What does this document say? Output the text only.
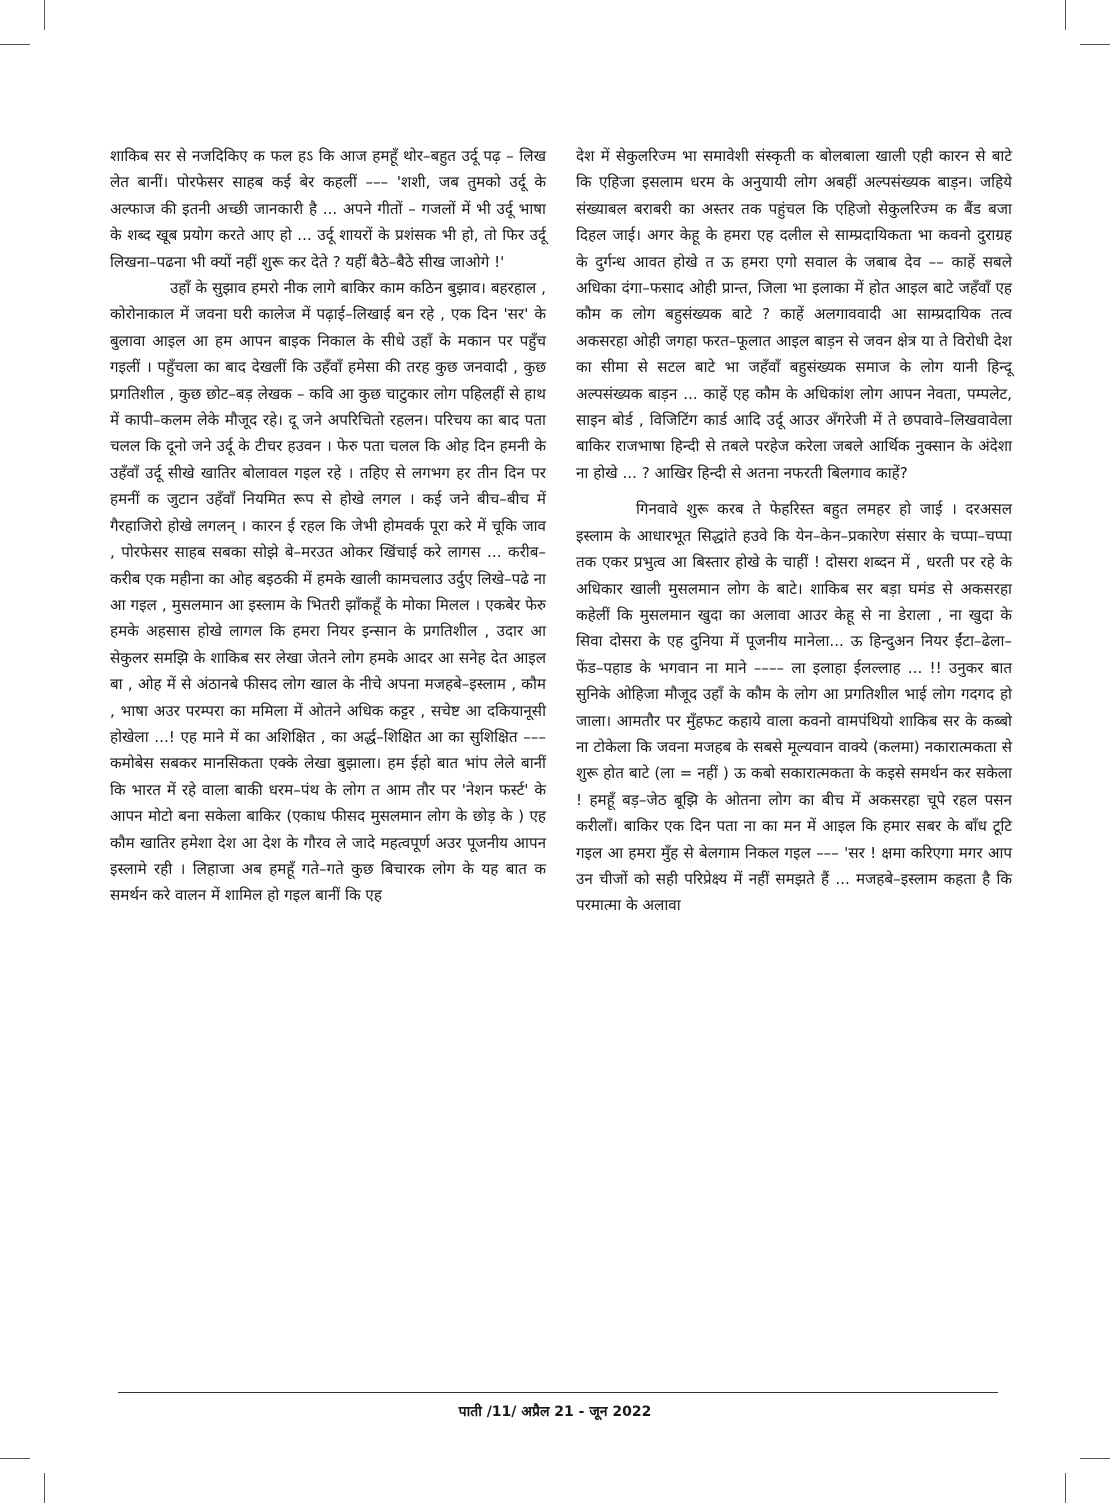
शाकिब सर से नजदिकिए क फल हऽ कि आज हमहूँ थोर–बहुत उर्दू पढ़ – लिख लेत बानीं। पोरफेसर साहब कई बेर कहलीं ––– 'शशी, जब तुमको उर्दू के अल्फाज की इतनी अच्छी जानकारी है ... अपने गीतों – गजलों में भी उर्दू भाषा के शब्द खूब प्रयोग करते आए हो ... उर्दू शायरों के प्रशंसक भी हो, तो फिर उर्दू लिखना–पढना भी क्यों नहीं शुरू कर देते ? यहीं बैठे–बैठे सीख जाओगे !'

उहाँ के सुझाव हमरो नीक लागे बाकिर काम कठिन बुझाव। बहरहाल , कोरोनाकाल में जवना घरी कालेज में पढ़ाई–लिखाई बन रहे , एक दिन 'सर' के बुलावा आइल आ हम आपन बाइक निकाल के सीधे उहाँ के मकान पर पहुँच गइलीं । पहुँचला का बाद देखलीं कि उहँवाँ हमेसा की तरह कुछ जनवादी , कुछ प्रगतिशील , कुछ छोट–बड़ लेखक – कवि आ कुछ चाटुकार लोग पहिलहीं से हाथ में कापी–कलम लेके मौजूद रहे। दू जने अपरिचितो रहलन। परिचय का बाद पता चलल कि दूनो जने उर्दू के टीचर हउवन । फेरु पता चलल कि ओह दिन हमनी के उहँवाँ उर्दू सीखे खातिर बोलावल गइल रहे । तहिए से लगभग हर तीन दिन पर हमनीं क जुटान उहँवाँ नियमित रूप से होखे लगल । कई जने बीच–बीच में गैरहाजिरो होखे लगलन् । कारन ई रहल कि जेभी होमवर्क पूरा करे में चूकि जाव , पोरफेसर साहब सबका सोझे बे–मरउत ओकर खिंचाई करे लागस ... करीब–करीब एक महीना का ओह बइठकी में हमके खाली कामचलाउ उर्दुए लिखे–पढे ना आ गइल , मुसलमान आ इस्लाम के भितरी झाँकहूँ के मोका मिलल । एकबेर फेरु हमके अहसास होखे लागल कि हमरा नियर इन्सान के प्रगतिशील , उदार आ सेकुलर समझि के शाकिब सर लेखा जेतने लोग हमके आदर आ सनेह देत आइल बा , ओह में से अंठानबे फीसद लोग खाल के नीचे अपना मजहबे–इस्लाम , कौम , भाषा अउर परम्परा का ममिला में ओतने अधिक कट्टर , सचेष्ट आ दकियानूसी होखेला ...! एह माने में का अशिक्षित , का अर्द्ध–शिक्षित आ का सुशिक्षित ––– कमोबेस सबकर मानसिकता एक्के लेखा बुझाला। हम ईहो बात भांप लेले बानीं कि भारत में रहे वाला बाकी धरम–पंथ के लोग त आम तौर पर 'नेशन फर्स्ट' के आपन मोटो बना सकेला बाकिर (एकाध फीसद मुसलमान लोग के छोड़ के ) एह कौम खातिर हमेशा देश आ देश के गौरव ले जादे महत्वपूर्ण अउर पूजनीय आपन इस्लामे रही । लिहाजा अब हमहूँ गते–गते कुछ बिचारक लोग के यह बात क समर्थन करे वालन में शामिल हो गइल बानीं कि एह

देश में सेकुलरिज्म भा समावेशी संस्कृती क बोलबाला खाली एही कारन से बाटे कि एहिजा इसलाम धरम के अनुयायी लोग अबहीं अल्पसंख्यक बाड़न। जहिये संख्याबल बराबरी का अस्तर तक पहुंचल कि एहिजो सेकुलरिज्म क बैंड बजा दिहल जाई। अगर केहू के हमरा एह दलील से साम्प्रदायिकता भा कवनो दुराग्रह के दुर्गन्ध आवत होखे त ऊ हमरा एगो सवाल के जबाब देव –– काहें सबले अधिका दंगा–फसाद ओही प्रान्त, जिला भा इलाका में होत आइल बाटे जहँवाँ एह कौम क लोग बहुसंख्यक बाटे ? काहें अलगाववादी आ साम्प्रदायिक तत्व अकसरहा ओही जगहा फरत–फूलात आइल बाड़न से जवन क्षेत्र या ते विरोधी देश का सीमा से सटल बाटे भा जहँवाँ बहुसंख्यक समाज के लोग यानी हिन्दू अल्पसंख्यक बाड़न ... काहें एह कौम के अधिकांश लोग आपन नेवता, पम्पलेट, साइन बोर्ड , विजिटिंग कार्ड आदि उर्दू आउर अँगरेजी में ते छपवावे–लिखवावेला बाकिर राजभाषा हिन्दी से तबले परहेज करेला जबले आर्थिक नुक्सान के अंदेशा ना होखे ... ? आखिर हिन्दी से अतना नफरती बिलगाव काहें?

गिनवावे शुरू करब ते फेहरिस्त बहुत लमहर हो जाई । दरअसल इस्लाम के आधारभूत सिद्धांते हउवे कि येन–केन–प्रकारेण संसार के चप्पा–चप्पा तक एकर प्रभुत्व आ बिस्तार होखे के चाहीं ! दोसरा शब्दन में , धरती पर रहे के अधिकार खाली मुसलमान लोग के बाटे। शाकिब सर बड़ा घमंड से अकसरहा कहेलीं कि मुसलमान खुदा का अलावा आउर केहू से ना डेराला , ना खुदा के सिवा दोसरा के एह दुनिया में पूजनीय मानेला... ऊ हिन्दुअन नियर ईंटा–ढेला–फेंड–पहाड के भगवान ना माने –––– ला इलाहा ईलल्लाह ... !! उनुकर बात सुनिके ओहिजा मौजूद उहाँ के कौम के लोग आ प्रगतिशील भाई लोग गदगद हो जाला। आमतौर पर मुँहफट कहाये वाला कवनो वामपंथियो शाकिब सर के कब्बो ना टोकेला कि जवना मजहब के सबसे मूल्यवान वाक्ये (कलमा) नकारात्मकता से शुरू होत बाटे (ला = नहीं ) ऊ कबो सकारात्मकता के कइसे समर्थन कर सकेला ! हमहूँ बड़–जेठ बूझि के ओतना लोग का बीच में अकसरहा चूपे रहल पसन करीलाँ। बाकिर एक दिन पता ना का मन में आइल कि हमार सबर के बाँध टूटि गइल आ हमरा मुँह से बेलगाम निकल गइल ––– 'सर ! क्षमा करिएगा मगर आप उन चीजों को सही परिप्रेक्ष्य में नहीं समझते हैं ... मजहबे–इस्लाम कहता है कि परमात्मा के अलावा

पाती /11/ अप्रैल 21 - जून 2022
